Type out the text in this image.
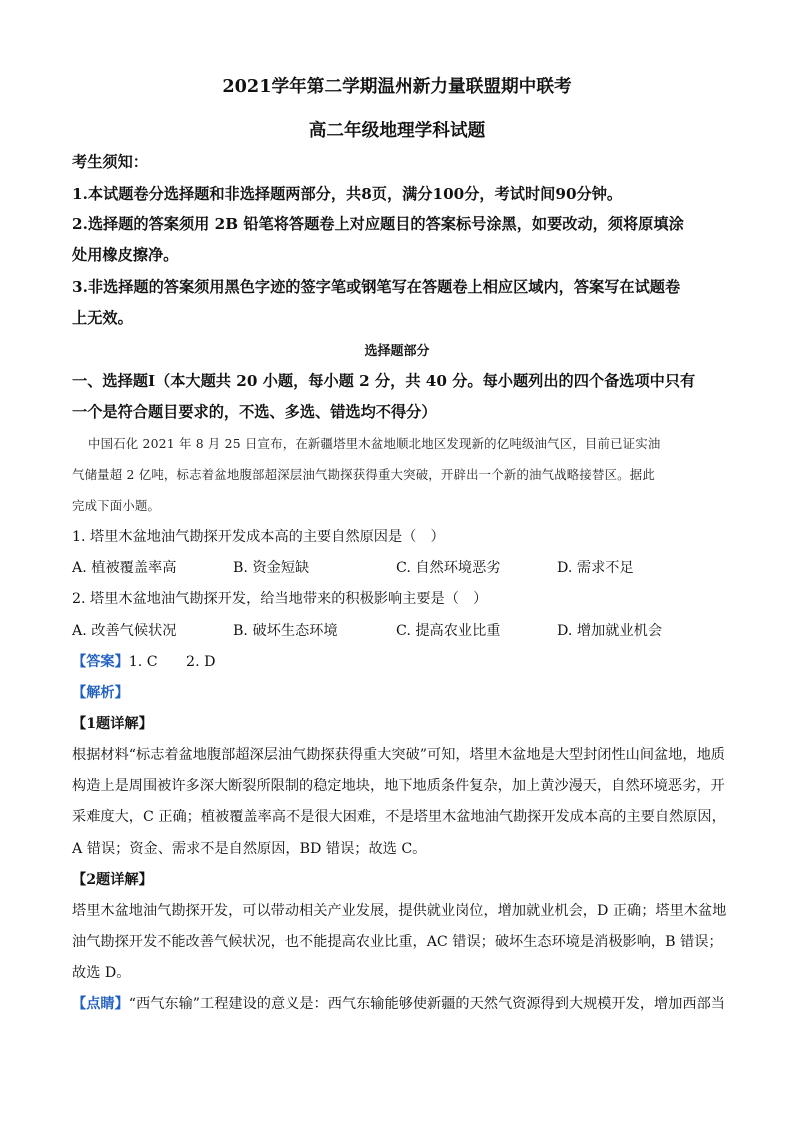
2021学年第二学期温州新力量联盟期中联考
高二年级地理学科试题
考生须知：
1.本试题卷分选择题和非选择题两部分，共8页，满分100分，考试时间90分钟。
2.选择题的答案须用 2B 铅笔将答题卷上对应题目的答案标号涂黑，如要改动，须将原填涂
处用橡皮擦净。
3.非选择题的答案须用黑色字迹的签字笔或钢笔写在答题卷上相应区域内，答案写在试题卷
上无效。
选择题部分
一、选择题Ⅰ（本大题共 20 小题，每小题 2 分，共 40 分。每小题列出的四个备选项中只有
一个是符合题目要求的，不选、多选、错选均不得分）
中国石化 2021 年 8 月 25 日宣布，在新疆塔里木盆地顺北地区发现新的亿吨级油气区，目前已证实油
气储量超 2 亿吨，标志着盆地腹部超深层油气勘探获得重大突破，开辟出一个新的油气战略接替区。据此
完成下面小题。
1. 塔里木盆地油气勘探开发成本高的主要自然原因是（　）
A. 植被覆盖率高	B. 资金短缺	C. 自然环境恶劣	D. 需求不足
2. 塔里木盆地油气勘探开发，给当地带来的积极影响主要是（　）
A. 改善气候状况	B. 破坏生态环境	C. 提高农业比重	D. 增加就业机会
【答案】1. C　　2. D
【解析】
【1题详解】
根据材料“标志着盆地腹部超深层油气勘探获得重大突破”可知，塔里木盆地是大型封闭性山间盆地，地质
构造上是周围被许多深大断裂所限制的稳定地块，地下地质条件复杂，加上黄沙漫天，自然环境恶劣，开
采难度大，C 正确；植被覆盖率高不是很大困难，不是塔里木盆地油气勘探开发成本高的主要自然原因，
A 错误；资金、需求不是自然原因，BD 错误；故选 C。
【2题详解】
塔里木盆地油气勘探开发，可以带动相关产业发展，提供就业岗位，增加就业机会，D 正确；塔里木盆地
油气勘探开发不能改善气候状况，也不能提高农业比重，AC 错误；破坏生态环境是消极影响，B 错误；
故选 D。
【点睛】“西气东输”工程建设的意义是：西气东输能够使新疆的天然气资源得到大规模开发，增加西部当
